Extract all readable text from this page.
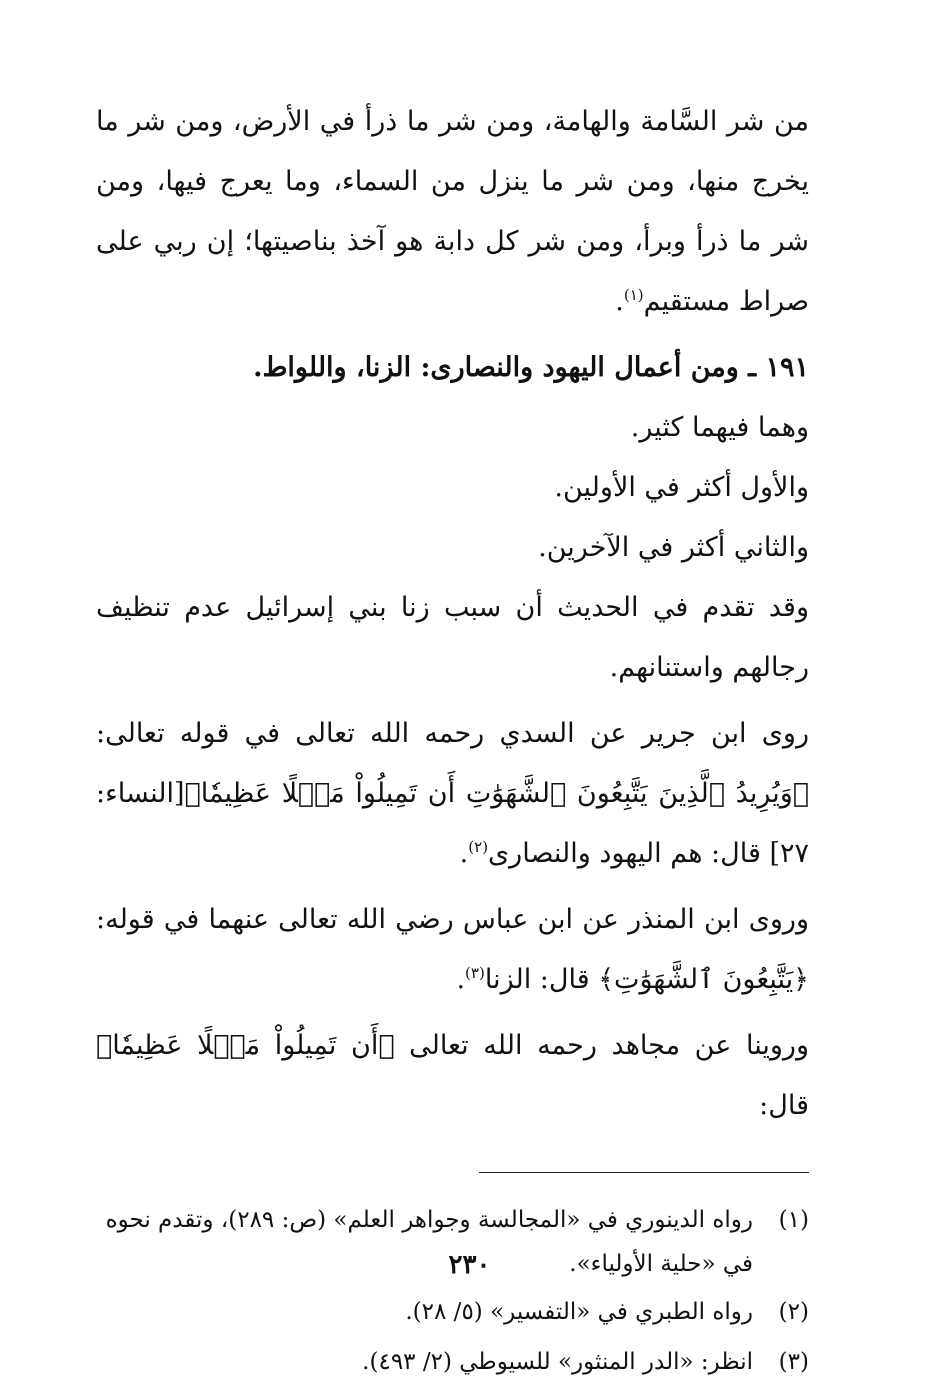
من شر السَّامة والهامة، ومن شر ما ذرأ في الأرض، ومن شر ما يخرج منها، ومن شر ما ينزل من السماء، وما يعرج فيها، ومن شر ما ذرأ وبرأ، ومن شر كل دابة هو آخذ بناصيتها؛ إن ربي على صراط مستقيم$^{(١)}$.

١٩١ ـ ومن أعمال اليهود والنصارى: الزنا، واللواط.

وهما فيهما كثير.

والأول أكثر في الأولين.

والثاني أكثر في الآخرين.

وقد تقدم في الحديث أن سبب زنا بني إسرائيل عدم تنظيف رجالهم واستنانهم.

روى ابن جرير عن السدي رحمه الله تعالى في قوله تعالى: ﴿وَيُرِيدُ ٱلَّذِينَ يَتَّبِعُونَ ٱلشَّهَوَٰتِ أَن تَمِيلُواْ مَيۡلًا عَظِيمٗا﴾[النساء: ٢٧] قال: هم اليهود والنصارى$^{(٢)}$.

وروى ابن المنذر عن ابن عباس رضي الله تعالى عنهما في قوله: ﴿يَتَّبِعُونَ ٱلشَّهَوَٰتِ﴾ قال: الزنا$^{(٣)}$.

وروينا عن مجاهد رحمه الله تعالى ﴿أَن تَمِيلُواْ مَيۡلًا عَظِيمٗا﴾ قال:

(١)
رواه الدينوري في «المجالسة وجواهر العلم» (ص: ٢٨٩)، وتقدم نحوه
في «حلية الأولياء».
(٢)
رواه الطبري في «التفسير» (٥/ ٢٨).
(٣)
انظر: «الدر المنثور» للسيوطي (٢/ ٤٩٣).
٢٣٠
